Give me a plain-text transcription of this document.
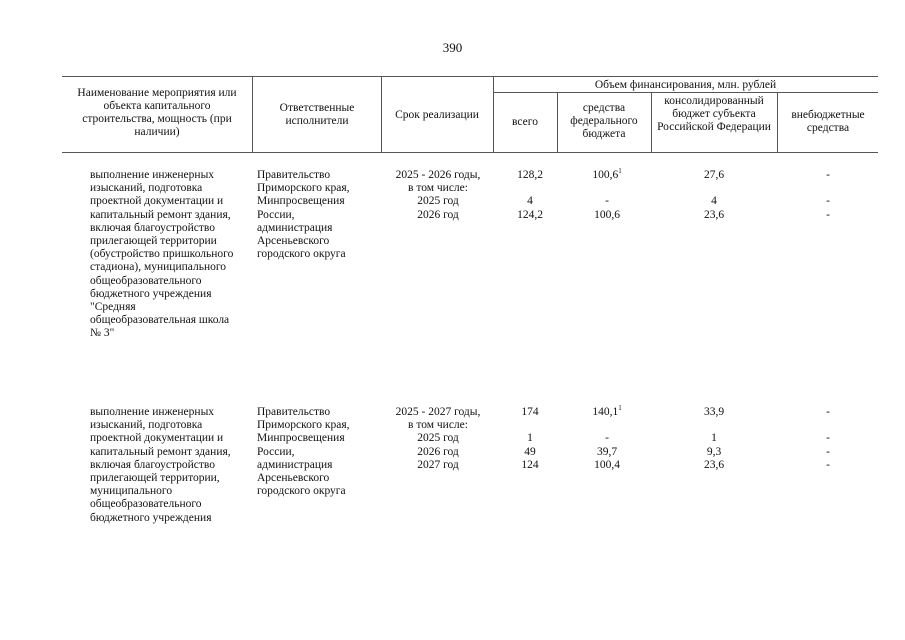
390
Наименование мероприятия или объекта капитального строительства, мощность (при наличии)
Ответственные исполнители	Срок реализации
Объем финансирования, млн. рублей
всего
средства федерального бюджета
консолидированный бюджет субъекта Российской Федерации
внебюджетные средства
выполнение инженерных изысканий, подготовка проектной документации и капитальный ремонт здания, включая благоустройство прилегающей территории (обустройство пришкольного стадиона), муниципального общеобразовательного бюджетного учреждения "Средняя общеобразовательная школа № 3"
Правительство Приморского края, Минпросвещения России, администрация Арсеньевского городского округа
2025 - 2026 годы,
в том числе:
2025 год
2026 год
128,2
4
124,2
100,6$^1$
-
100,6
27,6
4
23,6
-
-
-
выполнение инженерных изысканий, подготовка проектной документации и капитальный ремонт здания, включая благоустройство прилегающей территории, муниципального общеобразовательного бюджетного учреждения
Правительство Приморского края, Минпросвещения России, администрация Арсеньевского городского округа
2025 - 2027 годы,
в том числе:
2025 год
2026 год
2027 год
174
1
49
124
140,1$^1$
-
39,7
100,4
33,9
1
9,3
23,6
-
-
-
-
